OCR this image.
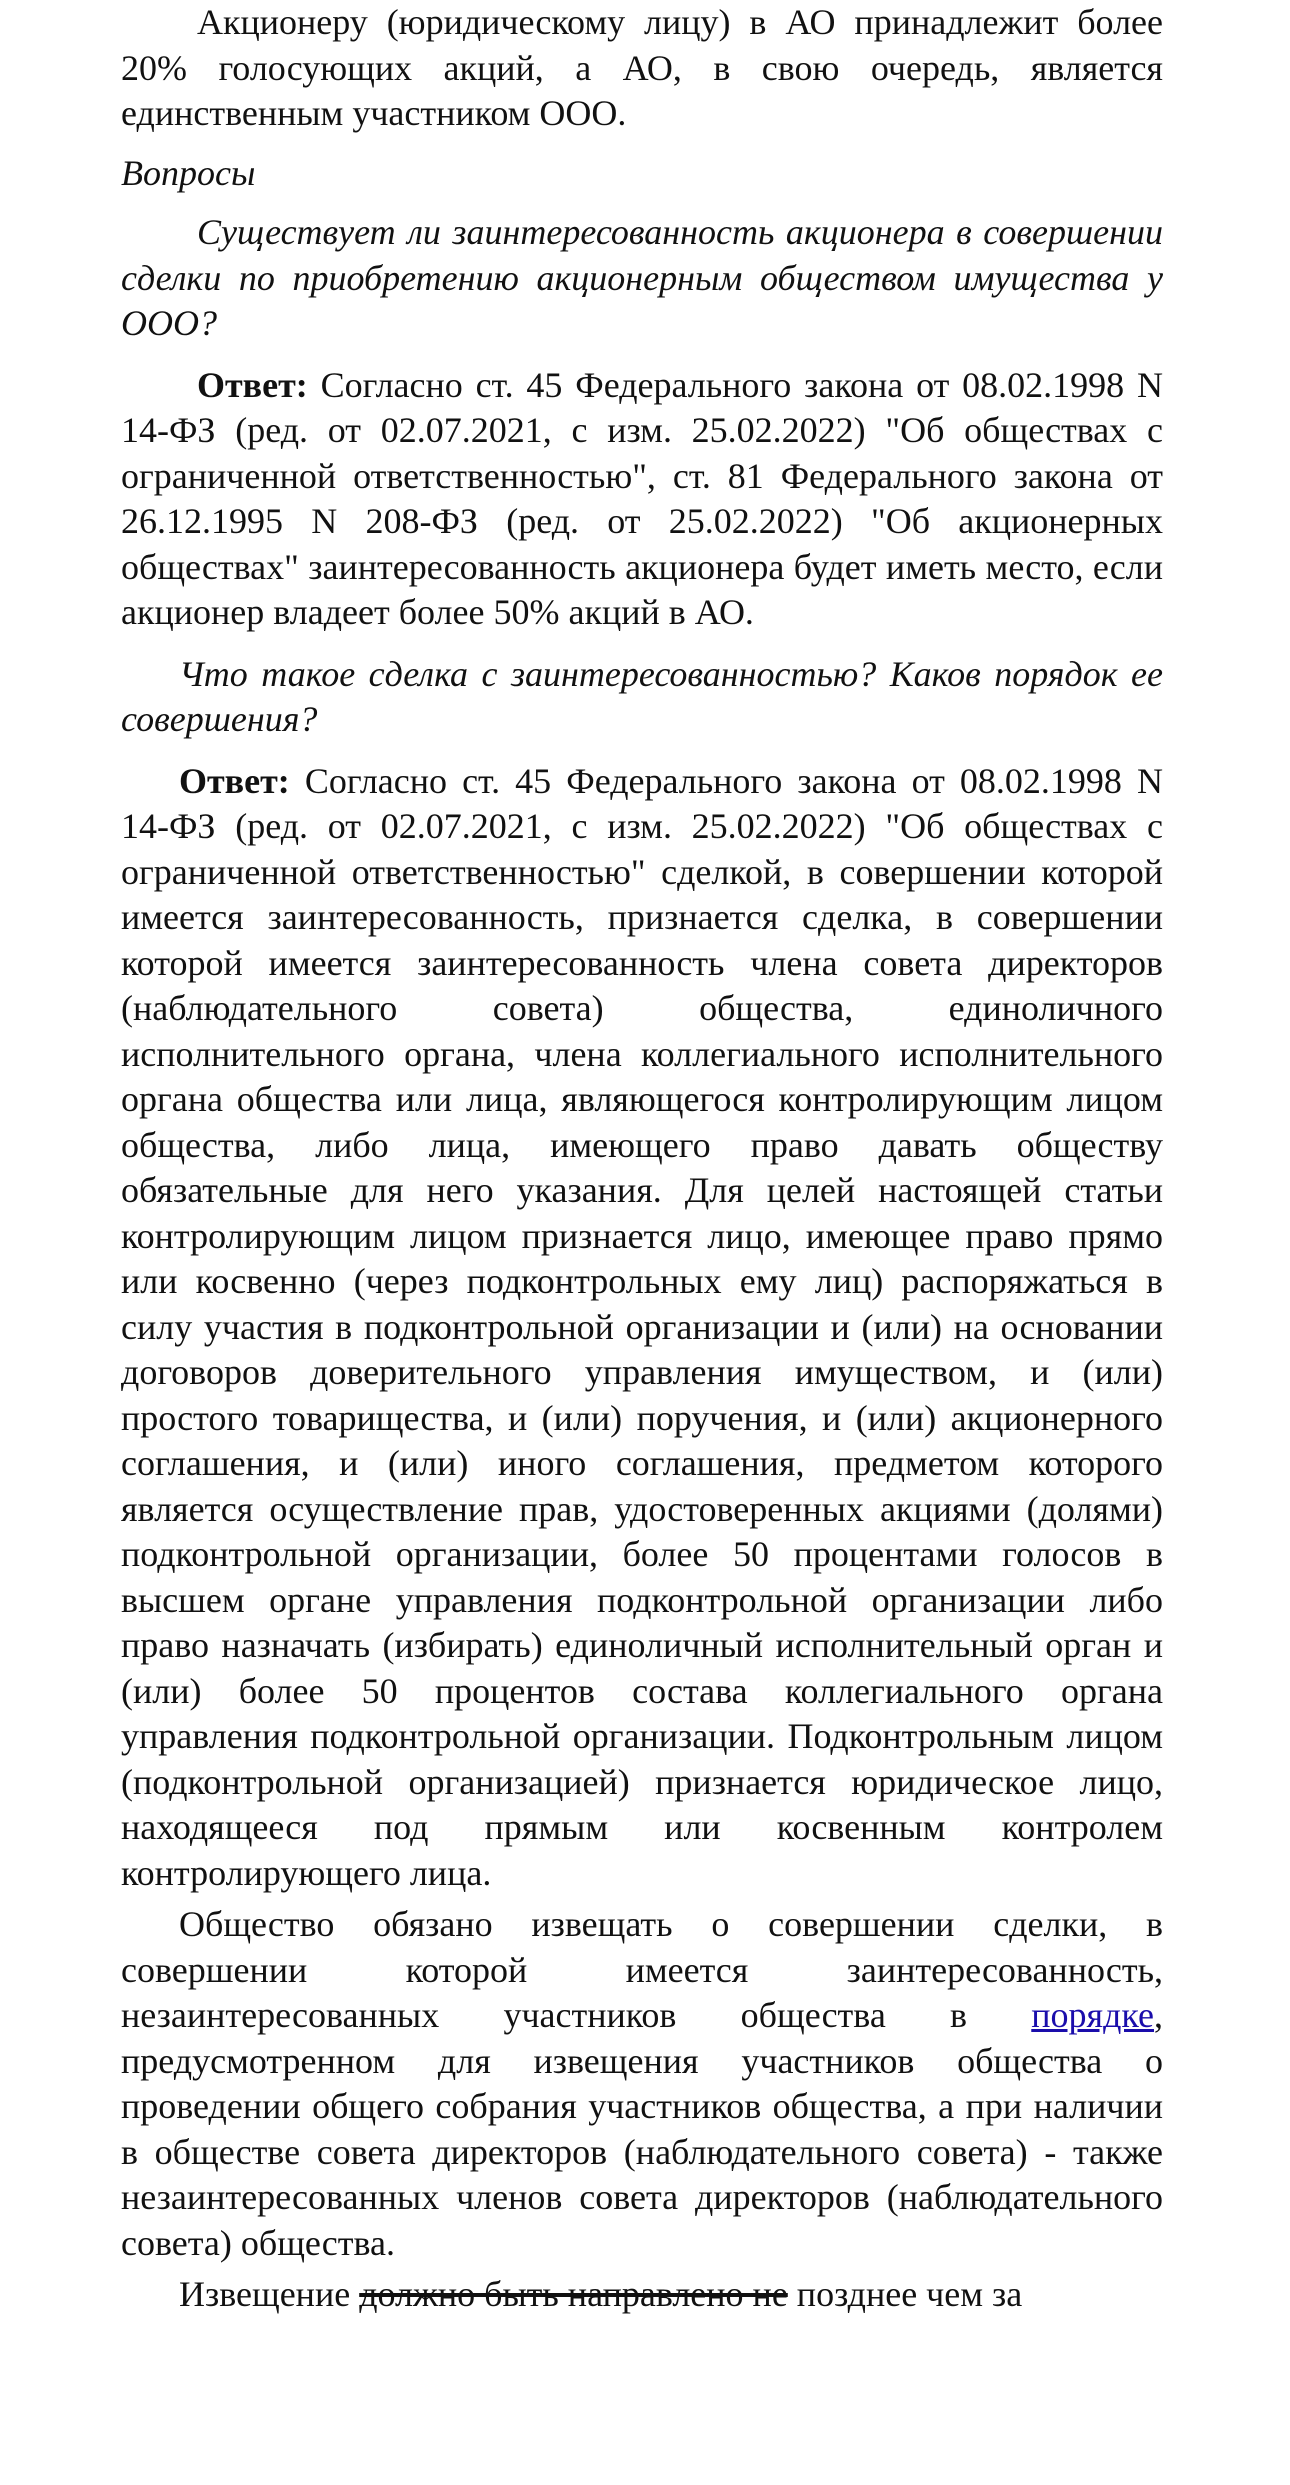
Акционеру (юридическому лицу) в АО принадлежит более 20% голосующих акций, а АО, в свою очередь, является единственным участником ООО.

Вопросы

Существует ли заинтересованность акционера в совершении сделки по приобретению акционерным обществом имущества у ООО?

Ответ: Согласно ст. 45 Федерального закона от 08.02.1998 N 14-ФЗ (ред. от 02.07.2021, с изм. 25.02.2022) "Об обществах с ограниченной ответственностью", ст. 81 Федерального закона от 26.12.1995 N 208-ФЗ (ред. от 25.02.2022) "Об акционерных обществах" заинтересованность акционера будет иметь место, если акционер владеет более 50% акций в АО.

Что такое сделка с заинтересованностью? Каков порядок ее совершения?

Ответ: Согласно ст. 45 Федерального закона от 08.02.1998 N 14-ФЗ (ред. от 02.07.2021, с изм. 25.02.2022) "Об обществах с ограниченной ответственностью" сделкой, в совершении которой имеется заинтересованность, признается сделка, в совершении которой имеется заинтересованность члена совета директоров (наблюдательного совета) общества, единоличного исполнительного органа, члена коллегиального исполнительного органа общества или лица, являющегося контролирующим лицом общества, либо лица, имеющего право давать обществу обязательные для него указания. Для целей настоящей статьи контролирующим лицом признается лицо, имеющее право прямо или косвенно (через подконтрольных ему лиц) распоряжаться в силу участия в подконтрольной организации и (или) на основании договоров доверительного управления имуществом, и (или) простого товарищества, и (или) поручения, и (или) акционерного соглашения, и (или) иного соглашения, предметом которого является осуществление прав, удостоверенных акциями (долями) подконтрольной организации, более 50 процентами голосов в высшем органе управления подконтрольной организации либо право назначать (избирать) единоличный исполнительный орган и (или) более 50 процентов состава коллегиального органа управления подконтрольной организации. Подконтрольным лицом (подконтрольной организацией) признается юридическое лицо, находящееся под прямым или косвенным контролем контролирующего лица.

Общество обязано извещать о совершении сделки, в совершении которой имеется заинтересованность, незаинтересованных участников общества в порядке, предусмотренном для извещения участников общества о проведении общего собрания участников общества, а при наличии в обществе совета директоров (наблюдательного совета) - также незаинтересованных членов совета директоров (наблюдательного совета) общества.

Извещение должно быть направлено не позднее чем за
